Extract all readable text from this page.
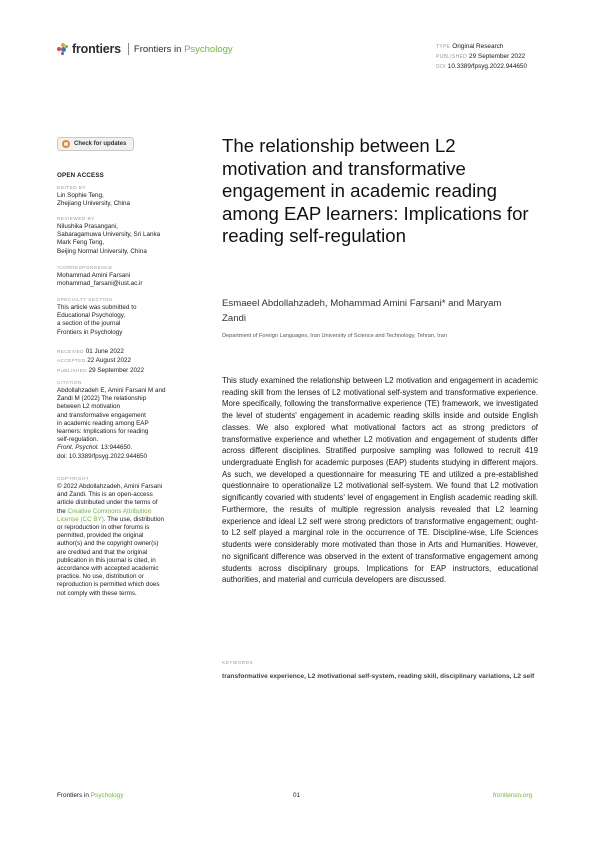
frontiers Frontiers in Psychology	TYPE Original Research
PUBLISHED 29 September 2022
DOI 10.3389/fpsyg.2022.944650
Check for updates
OPEN ACCESS
EDITED BY
Lin Sophie Teng,
Zhejiang University, China
REVIEWED BY
Nilushika Prasangani,
Sabaragamuwa University, Sri Lanka
Mark Feng Teng,
Beijing Normal University, China
*CORRESPONDENCE
Mohammad Amini Farsani
mohammad_farsani@iust.ac.ir
SPECIALTY SECTION
This article was submitted to
Educational Psychology,
a section of the journal
Frontiers in Psychology
RECEIVED 01 June 2022
ACCEPTED 22 August 2022
PUBLISHED 29 September 2022
CITATION
Abdollahzadeh E, Amini Farsani M and
Zandi M (2022) The relationship
between L2 motivation
and transformative engagement
in academic reading among EAP
learners: Implications for reading
self-regulation.
Front. Psychol. 13:944650.
doi: 10.3389/fpsyg.2022.944650
COPYRIGHT
© 2022 Abdollahzadeh, Amini Farsani
and Zandi. This is an open-access
article distributed under the terms of
the Creative Commons Attribution
License (CC BY). The use, distribution
or reproduction in other forums is
permitted, provided the original
author(s) and the copyright owner(s)
are credited and that the original
publication in this journal is cited, in
accordance with accepted academic
practice. No use, distribution or
reproduction is permitted which does
not comply with these terms.
The relationship between L2 motivation and transformative engagement in academic reading among EAP learners: Implications for reading self-regulation
Esmaeel Abdollahzadeh, Mohammad Amini Farsani* and Maryam Zandi
Department of Foreign Languages, Iran University of Science and Technology, Tehran, Iran

This study examined the relationship between L2 motivation and engagement in academic reading skill from the lenses of L2 motivational self-system and transformative experience. More specifically, following the transformative experience (TE) framework, we investigated the level of students' engagement in academic reading skills inside and outside English classes. We also explored what motivational factors act as strong predictors of transformative experience and whether L2 motivation and engagement of students differ across different disciplines. Stratified purposive sampling was followed to recruit 419 undergraduate English for academic purposes (EAP) students studying in different majors. As such, we developed a questionnaire for measuring TE and utilized a pre-established questionnaire to operationalize L2 motivational self-system. We found that L2 motivation significantly covaried with students' level of engagement in English academic reading skill. Furthermore, the results of multiple regression analysis revealed that L2 learning experience and ideal L2 self were strong predictors of transformative engagement; ought-to L2 self played a marginal role in the occurrence of TE. Discipline-wise, Life Sciences students were considerably more motivated than those in Arts and Humanities. However, no significant difference was observed in the extent of transformative engagement among students across disciplinary groups. Implications for EAP instructors, educational authorities, and material and curricula developers are discussed.

KEYWORDS
transformative experience, L2 motivational self-system, reading skill, disciplinary variations, L2 self
Frontiers in Psychology	01	frontiersin.org
